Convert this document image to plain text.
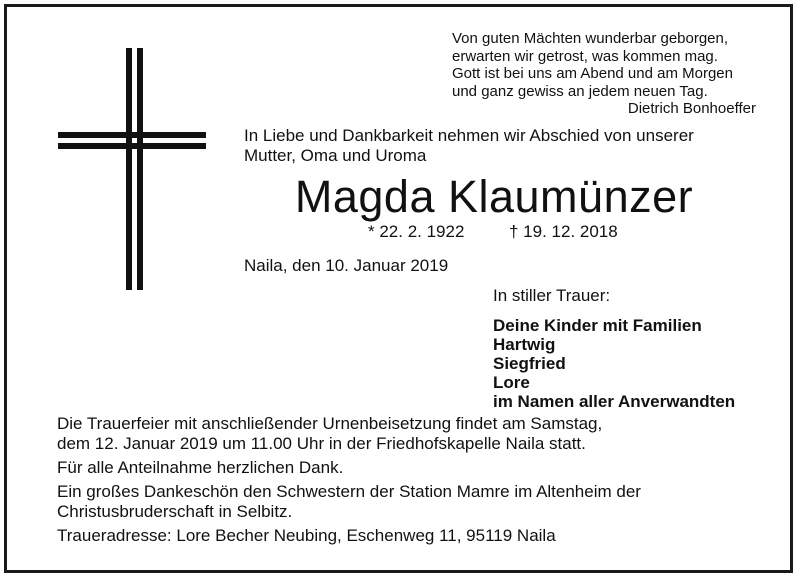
Von guten Mächten wunderbar geborgen,
erwarten wir getrost, was kommen mag.
Gott ist bei uns am Abend und am Morgen
und ganz gewiss an jedem neuen Tag.
Dietrich Bonhoeffer
In Liebe und Dankbarkeit nehmen wir Abschied von unserer
Mutter, Oma und Uroma
Magda Klaumünzer
* 22. 2. 1922	† 19. 12. 2018
Naila, den 10. Januar 2019
In stiller Trauer:
Deine Kinder mit Familien
Hartwig
Siegfried
Lore
im Namen aller Anverwandten

Die Trauerfeier mit anschließender Urnenbeisetzung findet am Samstag,
dem 12. Januar 2019 um 11.00 Uhr in der Friedhofskapelle Naila statt.

Für alle Anteilnahme herzlichen Dank.

Ein großes Dankeschön den Schwestern der Station Mamre im Altenheim der
Christusbruderschaft in Selbitz.

Traueradresse: Lore Becher Neubing, Eschenweg 11, 95119 Naila
